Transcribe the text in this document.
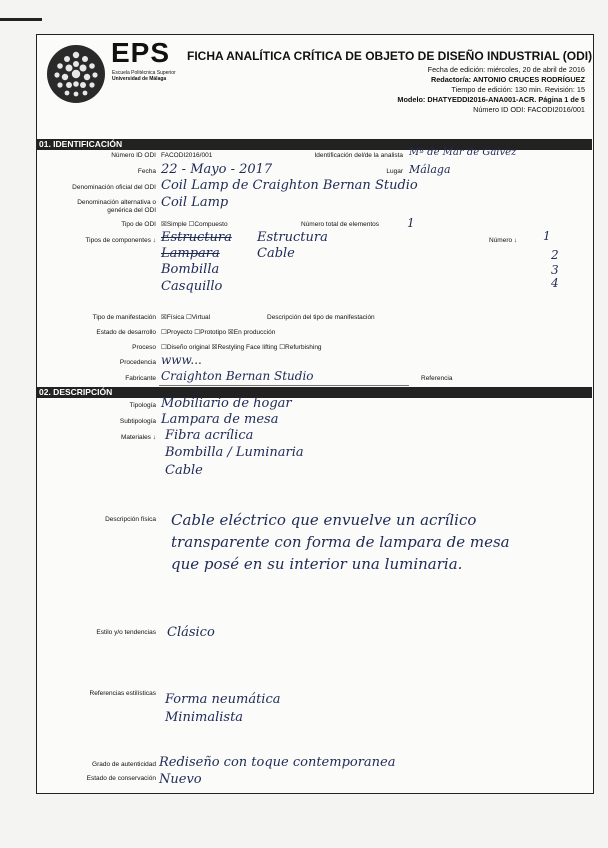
EPS
Escuela Politécnica Superior
Universidad de Málaga
FICHA ANALÍTICA CRÍTICA DE OBJETO DE DISEÑO INDUSTRIAL (ODI)
Fecha de edición: miércoles, 20 de abril de 2016
Redactor/a: ANTONIO CRUCES RODRÍGUEZ
Tiempo de edición: 130 min. Revisión: 15
Modelo: DHATYEDDI2016-ANA001-ACR. Página 1 de 5
Número ID ODI: FACODI2016/001
01. IDENTIFICACIÓN
Número ID ODI FACODI2016/001	Identificación del/de la analista Mª de Mar de Galvez
Fecha 22 - Mayo - 2017	Lugar Málaga
Denominación oficial del ODI Coil Lamp de Craighton Bernan Studio
Denominación alternativa o
genérica del ODI
Coil Lamp
Tipo de ODI ☒Simple ☐Compuesto	Número total de elementos 1
Tipos de componentes ↓	Número ↓
Estructura Estructura	1
Lampara	Cable	2
Bombilla	3
Casquillo	4
Tipo de manifestación ☒Física ☐Virtual	Descripción del tipo de manifestación
Estado de desarrollo ☐Proyecto ☐Prototipo ☒En producción
Proceso ☐Diseño original ☒Restyling Face lifting ☐Refurbishing
Procedencia www...
Fabricante Craighton Bernan Studio	Referencia
02. DESCRIPCIÓN
Tipología Mobiliario de hogar
Subtipología Lampara de mesa
Materiales ↓ Fibra acrílica
Bombilla / Luminaria
Cable
Descripción física Cable eléctrico que envuelve un acrílico
transparente con forma de lampara de mesa
que posé en su interior una luminaria.
Estilo y/o tendencias Clásico
Referencias estilísticas Forma neumática
Minimalista
Grado de autenticidad Rediseño con toque contemporanea
Estado de conservación Nuevo
